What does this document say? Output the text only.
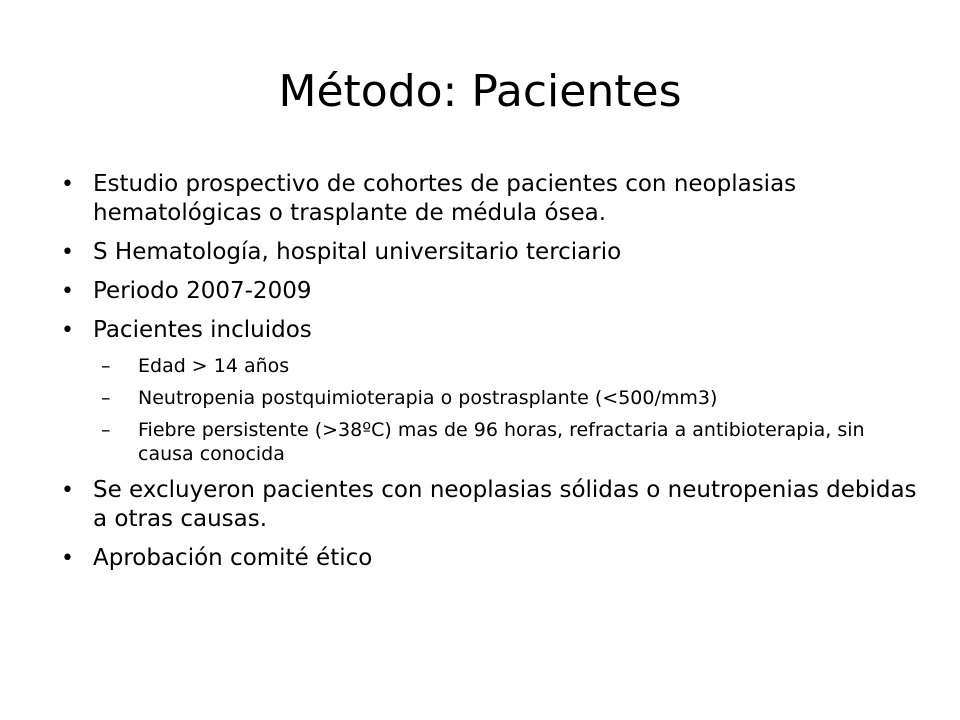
Método: Pacientes
• Estudio prospectivo de cohortes de pacientes con neoplasias hematológicas o trasplante de médula ósea.
• S Hematología, hospital universitario terciario
• Periodo 2007-2009
• Pacientes incluidos
– Edad > 14 años
– Neutropenia postquimioterapia o postrasplante (<500/mm3)
– Fiebre persistente (>38ºC) mas de 96 horas, refractaria a antibioterapia, sin causa conocida
• Se excluyeron pacientes con neoplasias sólidas o neutropenias debidas a otras causas.
• Aprobación comité ético
